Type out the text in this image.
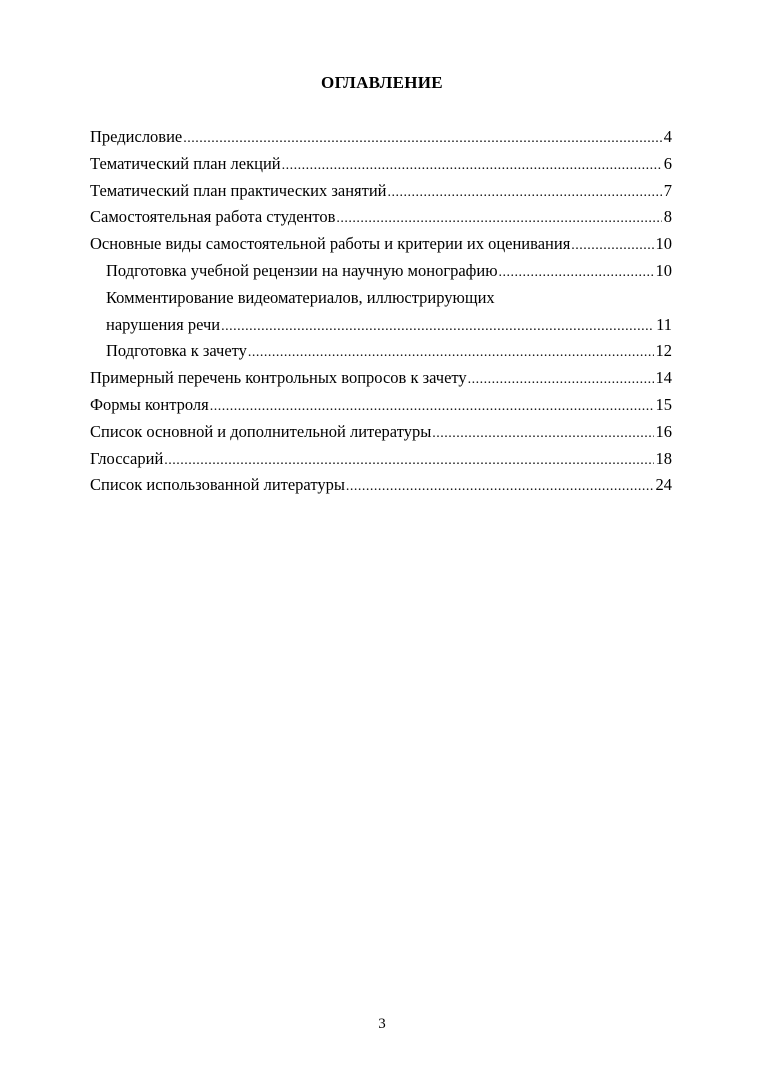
ОГЛАВЛЕНИЕ
Предисловие .....	4
Тематический план лекций .....	6
Тематический план практических занятий .....	7
Самостоятельная работа студентов .....	8
Основные виды самостоятельной работы и критерии их оценивания .....	10
Подготовка учебной рецензии на научную монографию .....	10
Комментирование видеоматериалов, иллюстрирующих
нарушения речи .....	11
Подготовка к зачету .....	12
Примерный перечень контрольных вопросов к зачету .....	14
Формы контроля .....	15
Список основной и дополнительной литературы .....	16
Глоссарий .....	18
Список использованной литературы .....	24
3
